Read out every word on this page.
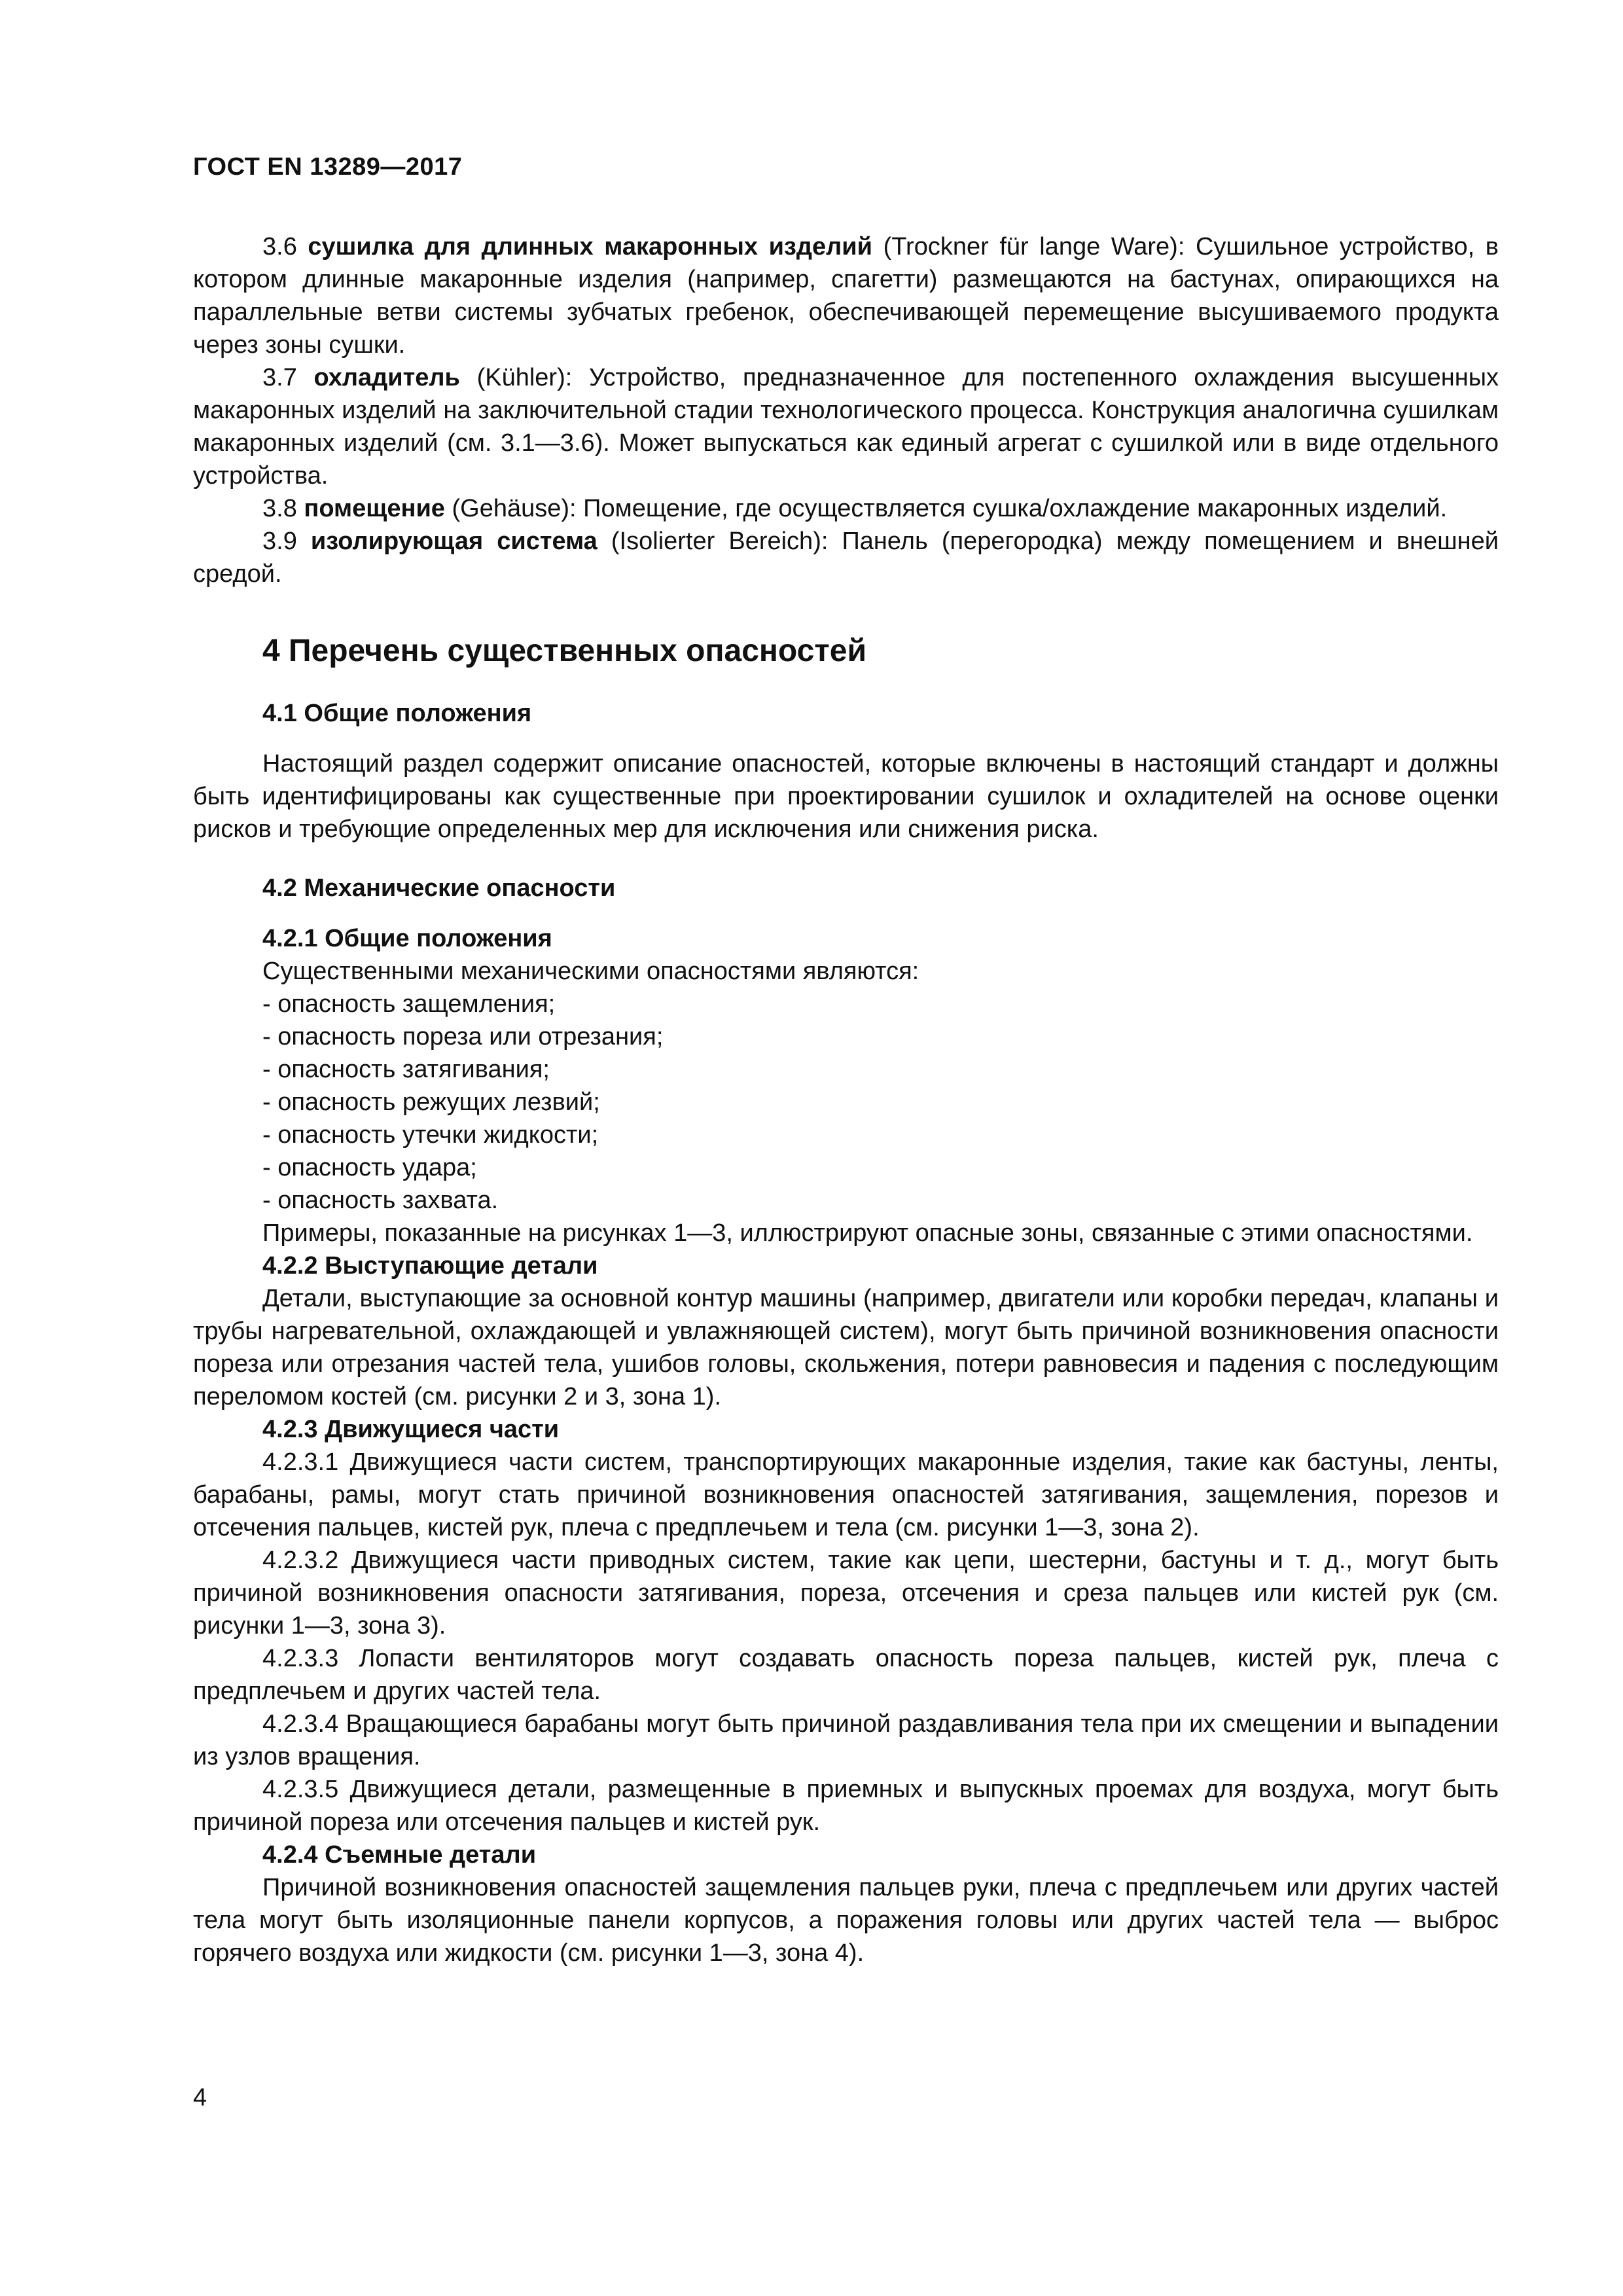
ГОСТ EN 13289—2017

3.6 сушилка для длинных макаронных изделий (Trockner für lange Ware): Сушильное устройство, в котором длинные макаронные изделия (например, спагетти) размещаются на бастунах, опирающихся на параллельные ветви системы зубчатых гребенок, обеспечивающей перемещение высушиваемого продукта через зоны сушки.

3.7 охладитель (Kühler): Устройство, предназначенное для постепенного охлаждения высушенных макаронных изделий на заключительной стадии технологического процесса. Конструкция аналогична сушилкам макаронных изделий (см. 3.1—3.6). Может выпускаться как единый агрегат с сушилкой или в виде отдельного устройства.

3.8 помещение (Gehäuse): Помещение, где осуществляется сушка/охлаждение макаронных изделий.

3.9 изолирующая система (Isolierter Bereich): Панель (перегородка) между помещением и внешней средой.

4 Перечень существенных опасностей
4.1 Общие положения

Настоящий раздел содержит описание опасностей, которые включены в настоящий стандарт и должны быть идентифицированы как существенные при проектировании сушилок и охладителей на основе оценки рисков и требующие определенных мер для исключения или снижения риска.

4.2 Механические опасности
4.2.1 Общие положения

Существенными механическими опасностями являются:

- опасность защемления;
- опасность пореза или отрезания;
- опасность затягивания;
- опасность режущих лезвий;
- опасность утечки жидкости;
- опасность удара;
- опасность захвата.

Примеры, показанные на рисунках 1—3, иллюстрируют опасные зоны, связанные с этими опасностями.

4.2.2 Выступающие детали

Детали, выступающие за основной контур машины (например, двигатели или коробки передач, клапаны и трубы нагревательной, охлаждающей и увлажняющей систем), могут быть причиной возникновения опасности пореза или отрезания частей тела, ушибов головы, скольжения, потери равновесия и падения с последующим переломом костей (см. рисунки 2 и 3, зона 1).

4.2.3 Движущиеся части

4.2.3.1 Движущиеся части систем, транспортирующих макаронные изделия, такие как бастуны, ленты, барабаны, рамы, могут стать причиной возникновения опасностей затягивания, защемления, порезов и отсечения пальцев, кистей рук, плеча с предплечьем и тела (см. рисунки 1—3, зона 2).

4.2.3.2 Движущиеся части приводных систем, такие как цепи, шестерни, бастуны и т. д., могут быть причиной возникновения опасности затягивания, пореза, отсечения и среза пальцев или кистей рук (см. рисунки 1—3, зона 3).

4.2.3.3 Лопасти вентиляторов могут создавать опасность пореза пальцев, кистей рук, плеча с предплечьем и других частей тела.

4.2.3.4 Вращающиеся барабаны могут быть причиной раздавливания тела при их смещении и выпадении из узлов вращения.

4.2.3.5 Движущиеся детали, размещенные в приемных и выпускных проемах для воздуха, могут быть причиной пореза или отсечения пальцев и кистей рук.

4.2.4 Съемные детали

Причиной возникновения опасностей защемления пальцев руки, плеча с предплечьем или других частей тела могут быть изоляционные панели корпусов, а поражения головы или других частей тела — выброс горячего воздуха или жидкости (см. рисунки 1—3, зона 4).

4
